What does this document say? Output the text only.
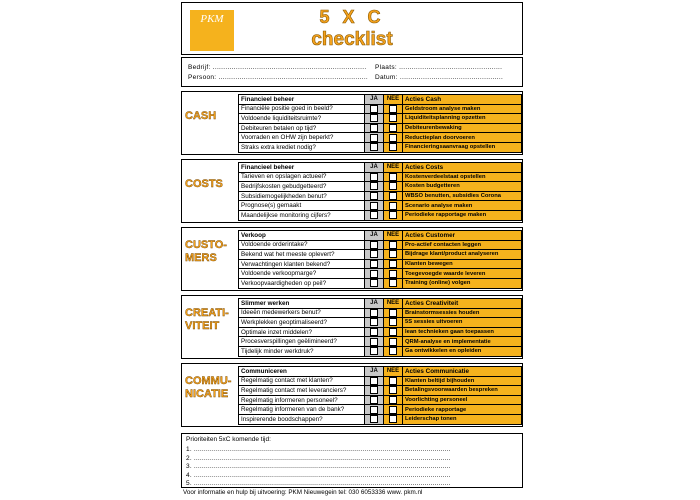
PKM	5 X C
checklist
Bedrijf: ......................................................................... Plaats: .................................................
Persoon: ....................................................................... Datum: .................................................
CASH
Financieel beheer	JA	NEE	Acties Cash
Financiële positie goed in beeld?			Geldstroom analyse maken
Voldoende liquiditeitsruimte?			Liquiditeitsplanning opzetten
Debiteuren betalen op tijd?			Debiteurenbewaking
Voorraden en OHW zijn beperkt?			Reductieplan doorvoeren
Straks extra krediet nodig?			Financieringsaanvraag opstellen
COSTS
Financieel beheer	JA	NEE	Acties Costs
Tarieven en opslagen actueel?			Kostenverdeelstaat opstellen
Bedrijfskosten gebudgetteerd?			Kosten budgetteren
Subsidiemogelijkheden benut?			WBSO benutten, subsidies Corona
Prognose(s) gemaakt			Scenario analyse maken
Maandelijkse monitoring cijfers?			Periodieke rapportage maken
CUSTO-
MERS
Verkoop	JA	NEE	Acties Customer
Voldoende orderintake?			Pro-actief contacten leggen
Bekend wat het meeste oplevert?			Bijdrage klant/product analyseren
Verwachtingen klanten bekend?			Klanten bewegen
Voldoende verkoopmarge?			Toegevoegde waarde leveren
Verkoopvaardigheden op peil?			Training (online) volgen
CREATI-
VITEIT
Slimmer werken	JA	NEE	Acties Creativiteit
Ideeën medewerkers benut?			Brainstormsessies houden
Werkplekken geoptimaliseerd?			5S sessies uitvoeren
Optimale inzet middelen?			lean technieken gaan toepassen
Procesverspillingen geëlimineerd?			QRM-analyse en implementatie
Tijdelijk minder werkdruk?			Ga ontwikkelen en opleiden
COMMU-
NICATIE
Communiceren	JA	NEE	Acties Communicatie
Regelmatig contact met klanten?			Klanten beltijd bijhouden
Regelmatig contact met leveranciers?			Betalingsvoorwaarden bespreken
Regelmatig informeren personeel?			Voorlichting personeel
Regelmatig informeren van de bank?			Periodieke rapportage
Inspirerende boodschappen?			Leiderschap tonen
Prioriteiten 5xC komende tijd:
1. ................................................................................................................................
2. ................................................................................................................................
3. ................................................................................................................................
4. ................................................................................................................................
5. ................................................................................................................................
Voor informatie en hulp bij uitvoering: PKM Nieuwegein tel: 030 6053336 www. pkm.nl
